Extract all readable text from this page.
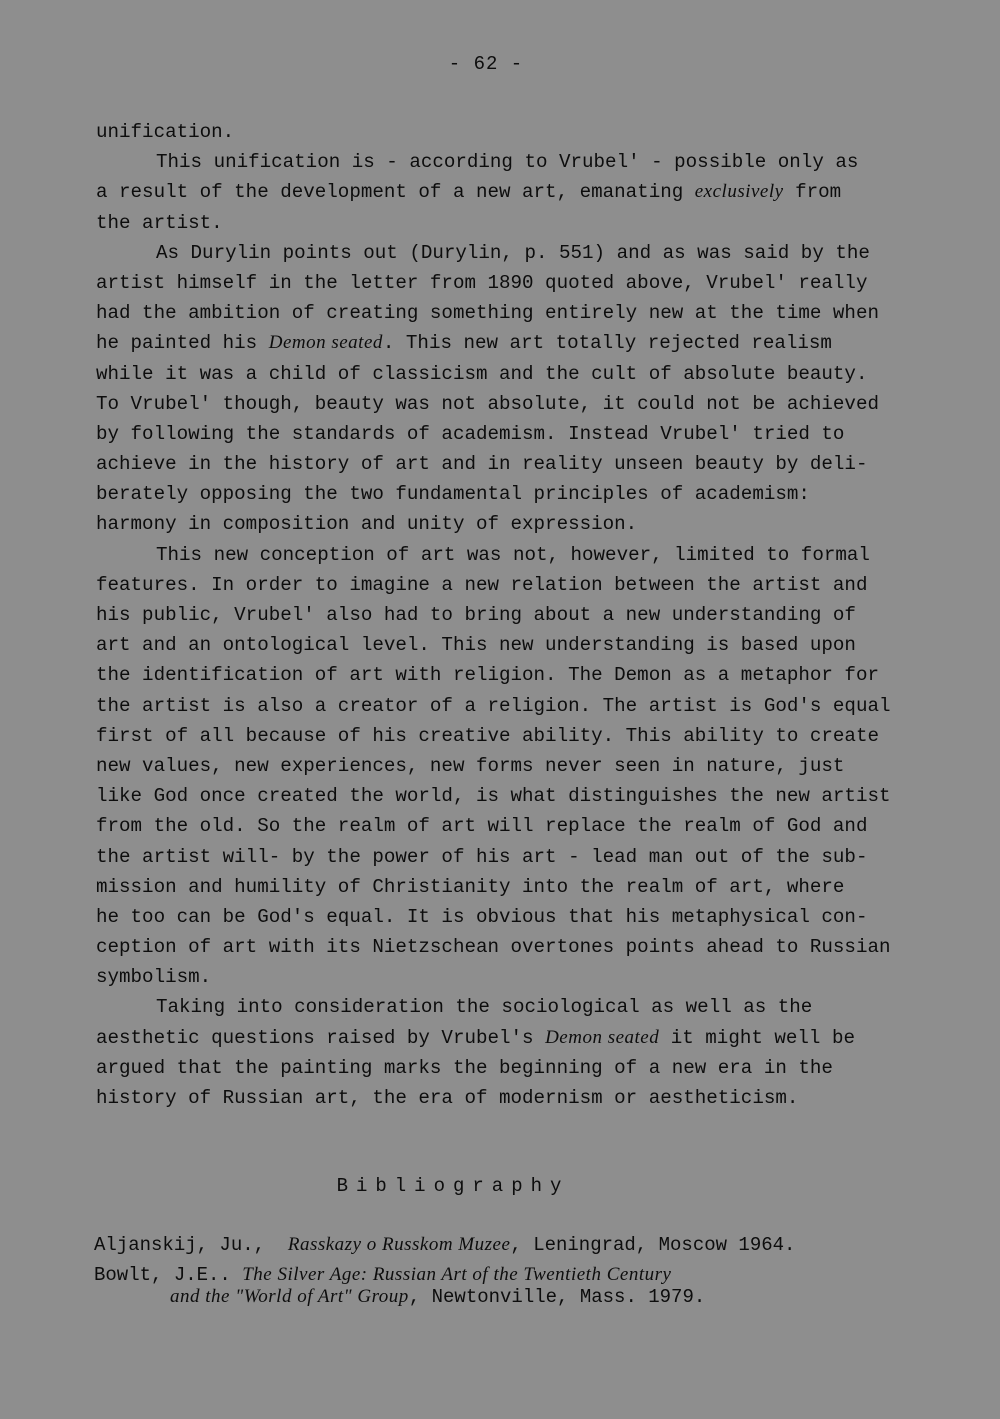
- 62 -
unification.
This unification is - according to Vrubel' - possible only as
a result of the development of a new art, emanating exclusively from
the artist.
As Durylin points out (Durylin, p. 551) and as was said by the
artist himself in the letter from 1890 quoted above, Vrubel' really
had the ambition of creating something entirely new at the time when
he painted his Demon seated. This new art totally rejected realism
while it was a child of classicism and the cult of absolute beauty.
To Vrubel' though, beauty was not absolute, it could not be achieved
by following the standards of academism. Instead Vrubel' tried to
achieve in the history of art and in reality unseen beauty by deli-
berately opposing the two fundamental principles of academism:
harmony in composition and unity of expression.
This new conception of art was not, however, limited to formal
features. In order to imagine a new relation between the artist and
his public, Vrubel' also had to bring about a new understanding of
art and an ontological level. This new understanding is based upon
the identification of art with religion. The Demon as a metaphor for
the artist is also a creator of a religion. The artist is God's equal
first of all because of his creative ability. This ability to create
new values, new experiences, new forms never seen in nature, just
like God once created the world, is what distinguishes the new artist
from the old. So the realm of art will replace the realm of God and
the artist will- by the power of his art - lead man out of the sub-
mission and humility of Christianity into the realm of art, where
he too can be God's equal. It is obvious that his metaphysical con-
ception of art with its Nietzschean overtones points ahead to Russian
symbolism.
Taking into consideration the sociological as well as the
aesthetic questions raised by Vrubel's Demon seated it might well be
argued that the painting marks the beginning of a new era in the
history of Russian art, the era of modernism or aestheticism.
Bibliography
Aljanskij, Ju.,  Rasskazy o Russkom Muzee, Leningrad, Moscow 1964.
Bowlt, J.E.. The Silver Age: Russian Art of the Twentieth Century
and the "World of Art" Group, Newtonville, Mass. 1979.
